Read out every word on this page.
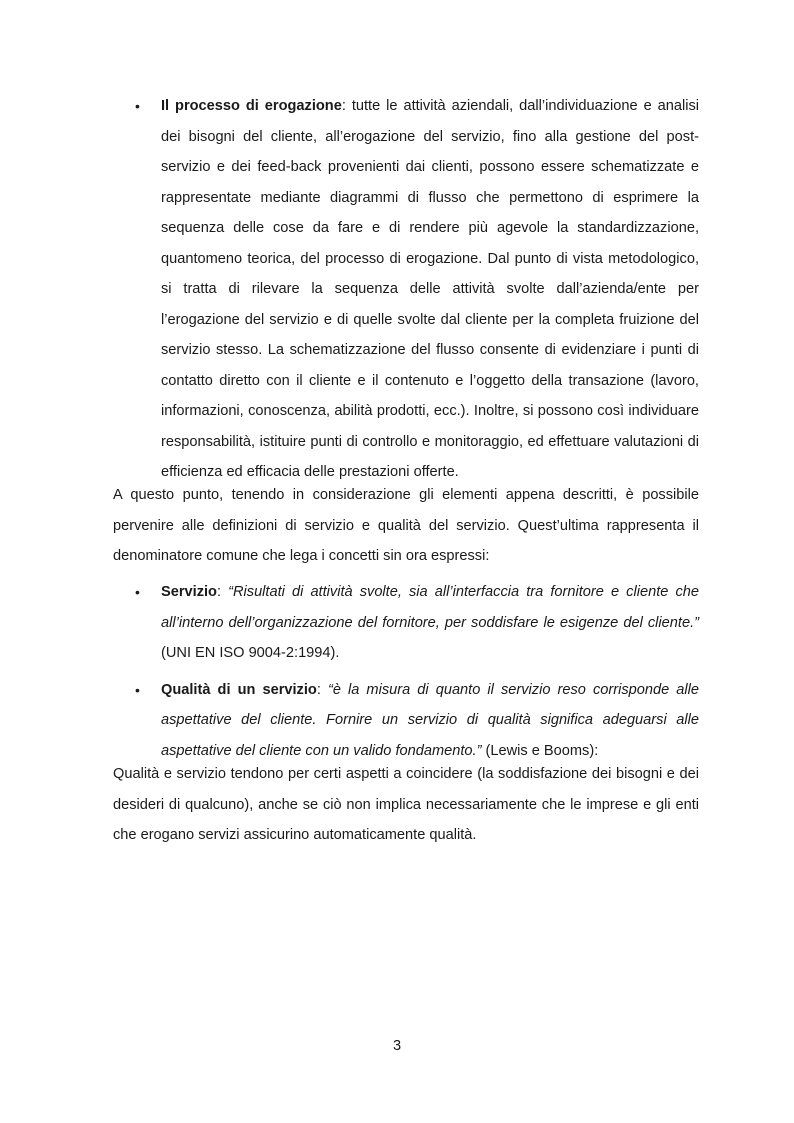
• Il processo di erogazione: tutte le attività aziendali, dall’individuazione e analisi dei bisogni del cliente, all’erogazione del servizio, fino alla gestione del post-servizio e dei feed-back provenienti dai clienti, possono essere schematizzate e rappresentate mediante diagrammi di flusso che permettono di esprimere la sequenza delle cose da fare e di rendere più agevole la standardizzazione, quantomeno teorica, del processo di erogazione. Dal punto di vista metodologico, si tratta di rilevare la sequenza delle attività svolte dall’azienda/ente per l’erogazione del servizio e di quelle svolte dal cliente per la completa fruizione del servizio stesso. La schematizzazione del flusso consente di evidenziare i punti di contatto diretto con il cliente e il contenuto e l’oggetto della transazione (lavoro, informazioni, conoscenza, abilità prodotti, ecc.). Inoltre, si possono così individuare responsabilità, istituire punti di controllo e monitoraggio, ed effettuare valutazioni di efficienza ed efficacia delle prestazioni offerte.

A questo punto, tenendo in considerazione gli elementi appena descritti, è possibile pervenire alle definizioni di servizio e qualità del servizio. Quest’ultima rappresenta il denominatore comune che lega i concetti sin ora espressi:

• Servizio: “Risultati di attività svolte, sia all’interfaccia tra fornitore e cliente che all’interno dell’organizzazione del fornitore, per soddisfare le esigenze del cliente.” (UNI EN ISO 9004-2:1994).
• Qualità di un servizio: “è la misura di quanto il servizio reso corrisponde alle aspettative del cliente. Fornire un servizio di qualità significa adeguarsi alle aspettative del cliente con un valido fondamento.” (Lewis e Booms):

Qualità e servizio tendono per certi aspetti a coincidere (la soddisfazione dei bisogni e dei desideri di qualcuno), anche se ciò non implica necessariamente che le imprese e gli enti che erogano servizi assicurino automaticamente qualità.

3
